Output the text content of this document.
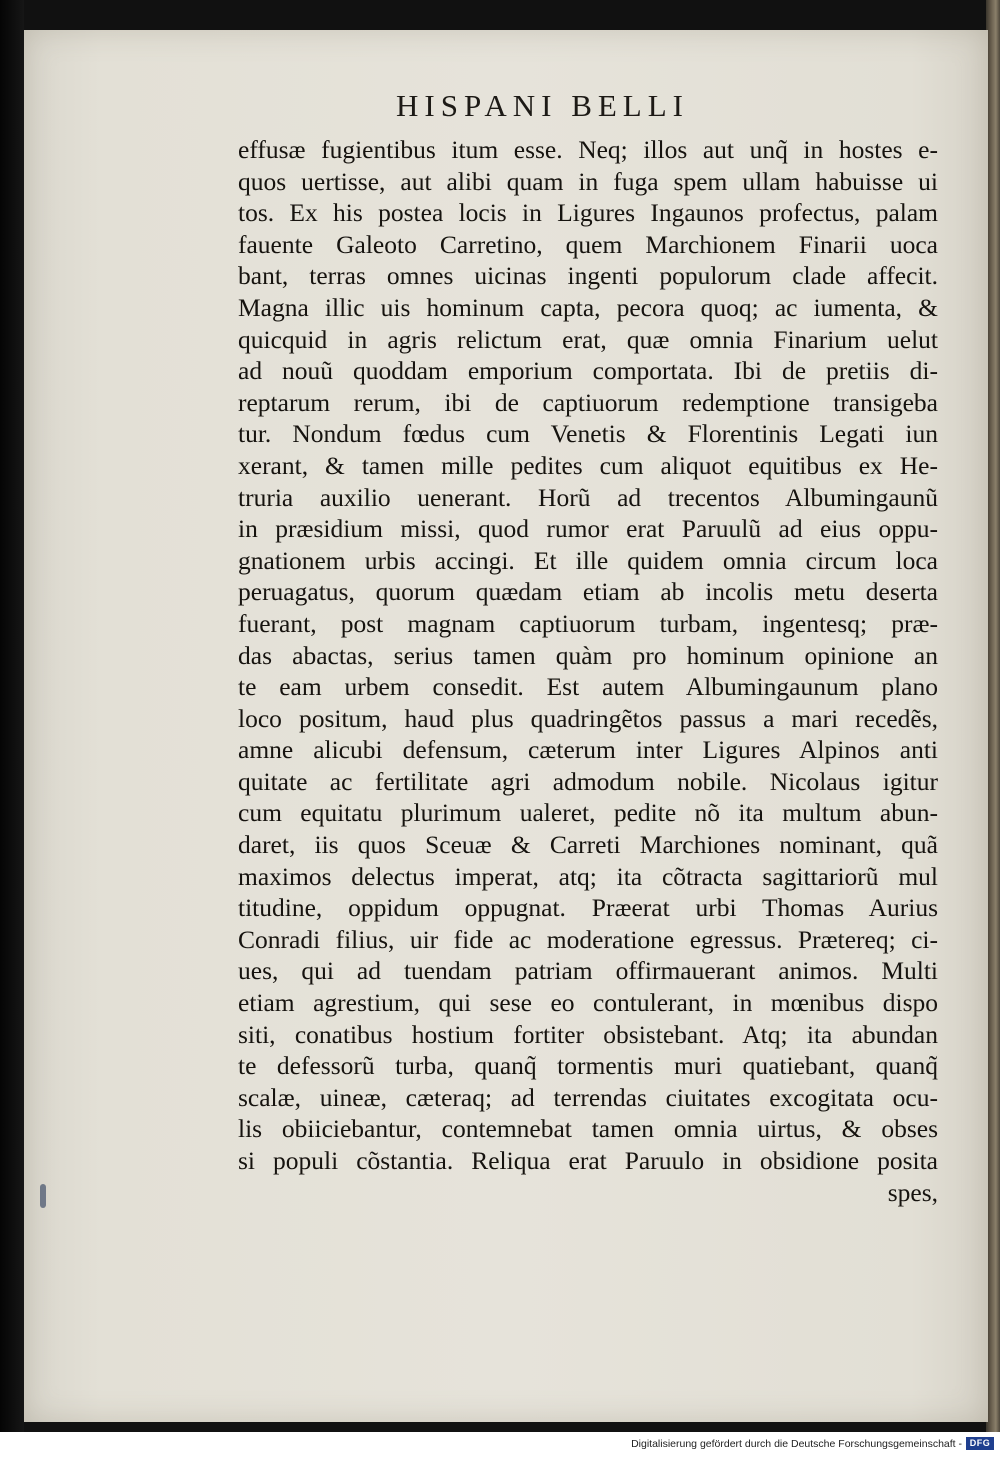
HISPANI BELLI
effusæ fugientibus itum esse. Neq; illos aut unq̃ in hostes e-
quos uertisse, aut alibi quam in fuga spem ullam habuisse ui
tos. Ex his postea locis in Ligures Ingaunos profectus, palam
fauente Galeoto Carretino, quem Marchionem Finarii uoca
bant, terras omnes uicinas ingenti populorum clade affecit.
Magna illic uis hominum capta, pecora quoq; ac iumenta, &
quicquid in agris relictum erat, quæ omnia Finarium uelut
ad nouũ quoddam emporium comportata. Ibi de pretiis di-
reptarum rerum, ibi de captiuorum redemptione transigeba
tur. Nondum fœdus cum Venetis & Florentinis Legati iun
xerant, & tamen mille pedites cum aliquot equitibus ex He-
truria auxilio uenerant. Horũ ad trecentos Albumingaunũ
in præsidium missi, quod rumor erat Paruulũ ad eius oppu-
gnationem urbis accingi. Et ille quidem omnia circum loca
peruagatus, quorum quædam etiam ab incolis metu deserta
fuerant, post magnam captiuorum turbam, ingentesq; præ-
das abactas, serius tamen quàm pro hominum opinione an
te eam urbem consedit. Est autem Albumingaunum plano
loco positum, haud plus quadringẽtos passus a mari recedẽs,
amne alicubi defensum, cæterum inter Ligures Alpinos anti
quitate ac fertilitate agri admodum nobile. Nicolaus igitur
cum equitatu plurimum ualeret, pedite nõ ita multum abun-
daret, iis quos Sceuæ & Carreti Marchiones nominant, quã
maximos delectus imperat, atq; ita cõtracta sagittariorũ mul
titudine, oppidum oppugnat. Præerat urbi Thomas Aurius
Conradi filius, uir fide ac moderatione egressus. Prætereq; ci-
ues, qui ad tuendam patriam offirmauerant animos. Multi
etiam agrestium, qui sese eo contulerant, in mœnibus dispo
siti, conatibus hostium fortiter obsistebant. Atq; ita abundan
te defessorũ turba, quanq̃ tormentis muri quatiebant, quanq̃
scalæ, uineæ, cæteraq; ad terrendas ciuitates excogitata ocu-
lis obiiciebantur, contemnebat tamen omnia uirtus, & obses
si populi cõstantia. Reliqua erat Paruulo in obsidione posita
spes,
Digitalisierung gefördert durch die Deutsche Forschungsgemeinschaft - DFG
